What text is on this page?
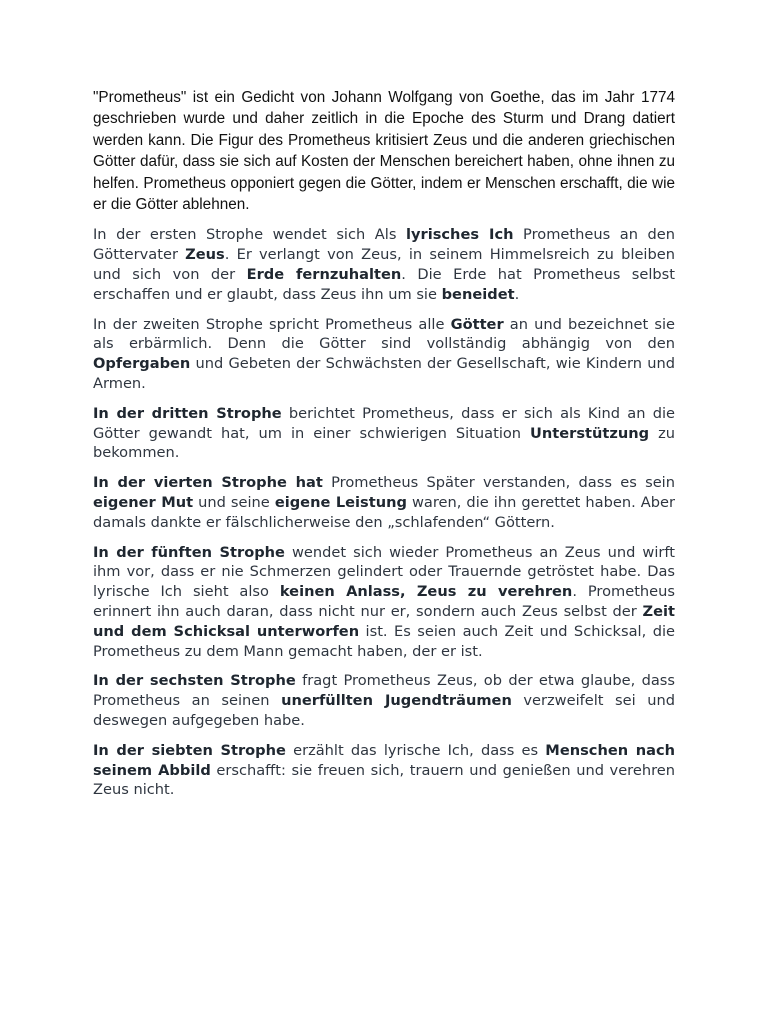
"Prometheus" ist ein Gedicht von Johann Wolfgang von Goethe, das im Jahr 1774 geschrieben wurde und daher zeitlich in die Epoche des Sturm und Drang datiert werden kann. Die Figur des Prometheus kritisiert Zeus und die anderen griechischen Götter dafür, dass sie sich auf Kosten der Menschen bereichert haben, ohne ihnen zu helfen. Prometheus opponiert gegen die Götter, indem er Menschen erschafft, die wie er die Götter ablehnen.

In der ersten Strophe wendet sich Als lyrisches Ich Prometheus an den Göttervater Zeus. Er verlangt von Zeus, in seinem Himmelsreich zu bleiben und sich von der Erde fernzuhalten. Die Erde hat Prometheus selbst erschaffen und er glaubt, dass Zeus ihn um sie beneidet.

In der zweiten Strophe spricht Prometheus alle Götter an und bezeichnet sie als erbärmlich. Denn die Götter sind vollständig abhängig von den Opfergaben und Gebeten der Schwächsten der Gesellschaft, wie Kindern und Armen.

In der dritten Strophe berichtet Prometheus, dass er sich als Kind an die Götter gewandt hat, um in einer schwierigen Situation Unterstützung zu bekommen.

In der vierten Strophe hat Prometheus Später verstanden, dass es sein eigener Mut und seine eigene Leistung waren, die ihn gerettet haben. Aber damals dankte er fälschlicherweise den „schlafenden“ Göttern.

In der fünften Strophe wendet sich wieder Prometheus an Zeus und wirft ihm vor, dass er nie Schmerzen gelindert oder Trauernde getröstet habe. Das lyrische Ich sieht also keinen Anlass, Zeus zu verehren. Prometheus erinnert ihn auch daran, dass nicht nur er, sondern auch Zeus selbst der Zeit und dem Schicksal unterworfen ist. Es seien auch Zeit und Schicksal, die Prometheus zu dem Mann gemacht haben, der er ist.

In der sechsten Strophe fragt Prometheus Zeus, ob der etwa glaube, dass Prometheus an seinen unerfüllten Jugendträumen verzweifelt sei und deswegen aufgegeben habe.

In der siebten Strophe erzählt das lyrische Ich, dass es Menschen nach seinem Abbild erschafft: sie freuen sich, trauern und genießen und verehren Zeus nicht.
